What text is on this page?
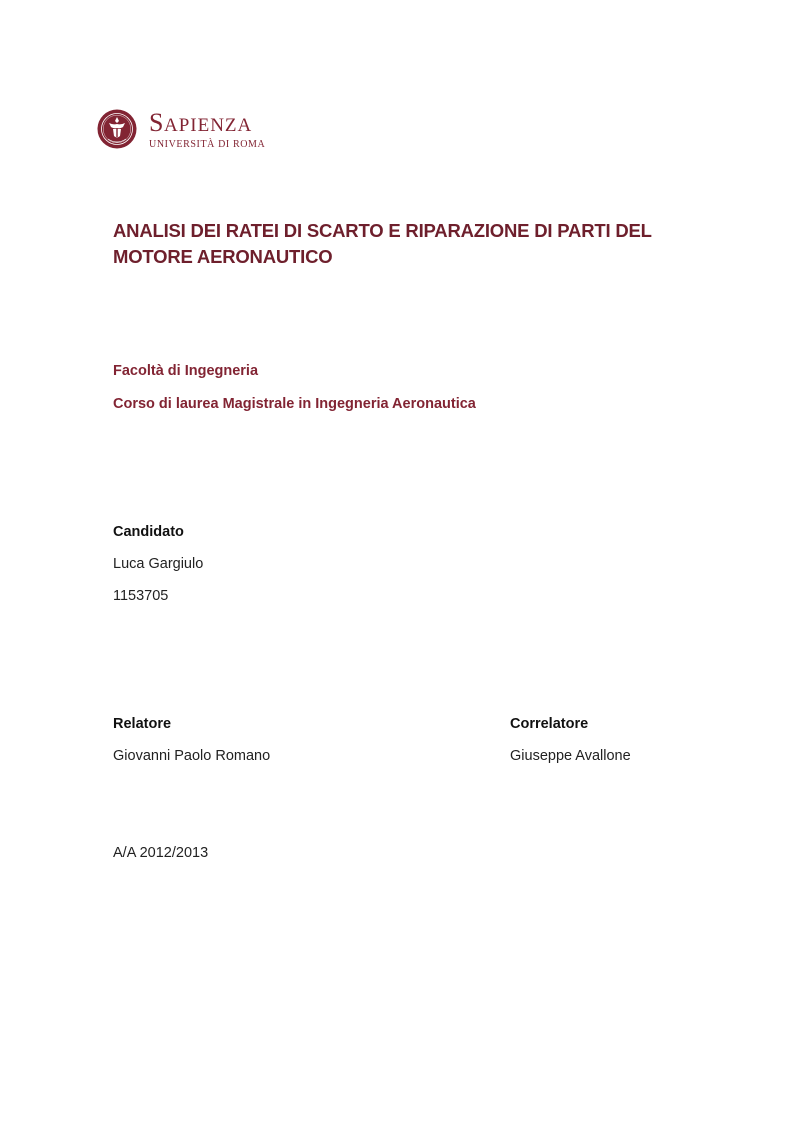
SAPIENZA
UNIVERSITÀ DI ROMA
ANALISI DEI RATEI DI SCARTO E RIPARAZIONE DI PARTI DEL MOTORE AERONAUTICO
Facoltà di Ingegneria
Corso di laurea Magistrale in Ingegneria Aeronautica
Candidato
Luca Gargiulo
1153705
Relatore
Giovanni Paolo Romano
Correlatore
Giuseppe Avallone
A/A 2012/2013
